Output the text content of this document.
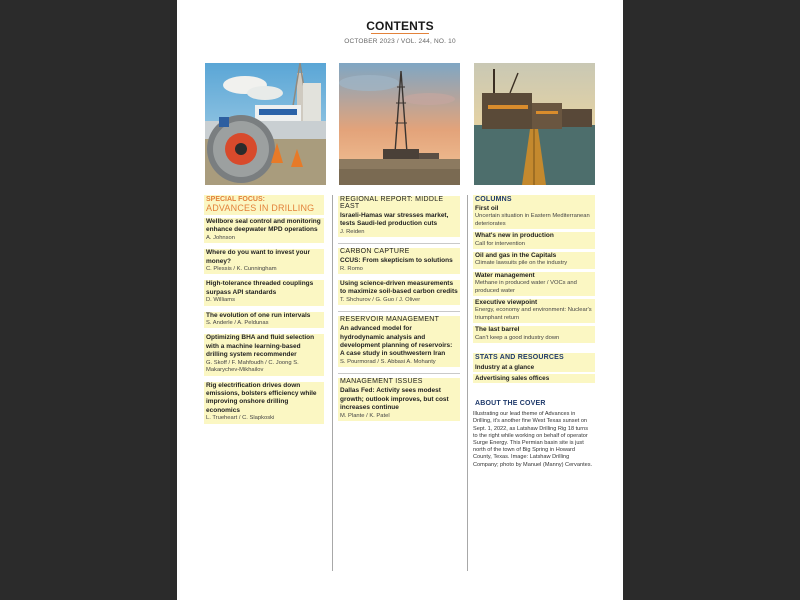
CONTENTS
OCTOBER 2023 / VOL. 244, NO. 10
SPECIAL FOCUS:
ADVANCES IN DRILLING
Wellbore seal control and monitoring enhance deepwater MPD operations
A. Johnson
Where do you want to invest your money?
C. Plessis / K. Cunningham
High-tolerance threaded couplings surpass API standards
D. Williams
The evolution of one run intervals
S. Anderle / A. Peldunas
Optimizing BHA and fluid selection with a machine learning-based drilling system recommender
G. Skoff / F. Mahfoudh / C. Joong S. Makarychev-Mikhailov
Rig electrification drives down emissions, bolsters efficiency while improving onshore drilling economics
L. Trueheart / C. Slapkoski
REGIONAL REPORT: MIDDLE EAST
Israeli-Hamas war stresses market, tests Saudi-led production cuts
J. Reiden
CARBON CAPTURE
CCUS: From skepticism to solutions
R. Romo
Using science-driven measurements to maximize soil-based carbon credits
T. Shchurov / G. Guo / J. Oliver
RESERVOIR MANAGEMENT
An advanced model for hydrodynamic analysis and development planning of reservoirs: A case study in southwestern Iran
S. Pourmorad / S. Abbasi A. Mohanty
MANAGEMENT ISSUES
Dallas Fed: Activity sees modest growth; outlook improves, but cost increases continue
M. Plante / K. Patel
COLUMNS
First oil
Uncertain situation in Eastern Mediterranean deteriorates
What's new in production
Call for intervention
Oil and gas in the Capitals
Climate lawsuits pile on the industry
Water management
Methane in produced water / VOCs and produced water
Executive viewpoint
Energy, economy and environment: Nuclear's triumphant return
The last barrel
Can't keep a good industry down
STATS AND RESOURCES
Industry at a glance
Advertising sales offices
ABOUT THE COVER
Illustrating our lead theme of Advances in Drilling, it's another fine West Texas sunset on Sept. 1, 2022, as Latshaw Drilling Rig 18 turns to the right while working on behalf of operator Surge Energy. This Permian basin site is just north of the town of Big Spring in Howard County, Texas. Image: Latshaw Drilling Company; photo by Manuel (Manny) Cervantes.
